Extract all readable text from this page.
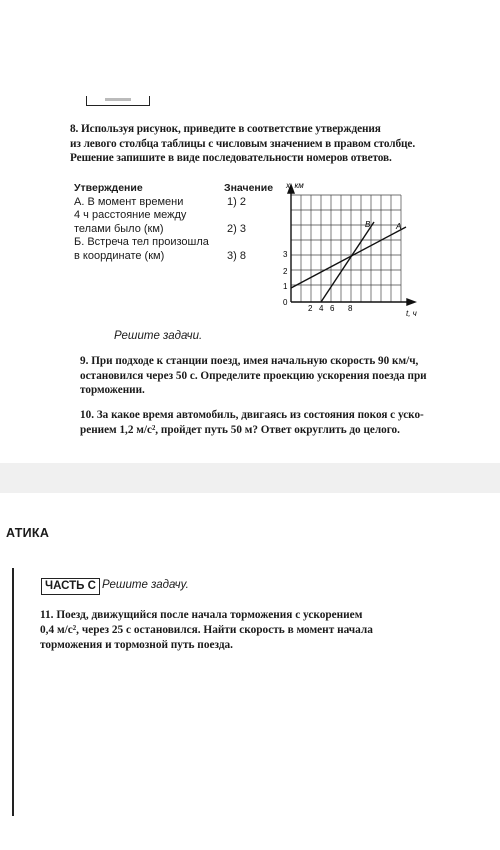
8. Используя рисунок, приведите в соответствие утверждения

из левого столбца таблицы с числовым значением в правом столбце.

Решение запишите в виде последовательности номеров ответов.

Утверждение	Значение
А. В момент времени	1) 2
4 ч расстояние между
телами было (км)	2) 3
Б. Встреча тел произошла
в координате (км)	3) 8
x, км
t, ч
0
2 4 6 8
1
2
3
B	A
Решите задачи.

9. При подходе к станции поезд, имея начальную скорость 90 км/ч,

остановился через 50 с. Определите проекцию ускорения поезда при

торможении.

10. За какое время автомобиль, двигаясь из состояния покоя с уско-

рением 1,2 м/с², пройдет путь 50 м? Ответ округлить до целого.

АТИКА
ЧАСТЬ С Решите задачу.

11. Поезд, движущийся после начала торможения с ускорением

0,4 м/с², через 25 с остановился. Найти скорость в момент начала

торможения и тормозной путь поезда.
